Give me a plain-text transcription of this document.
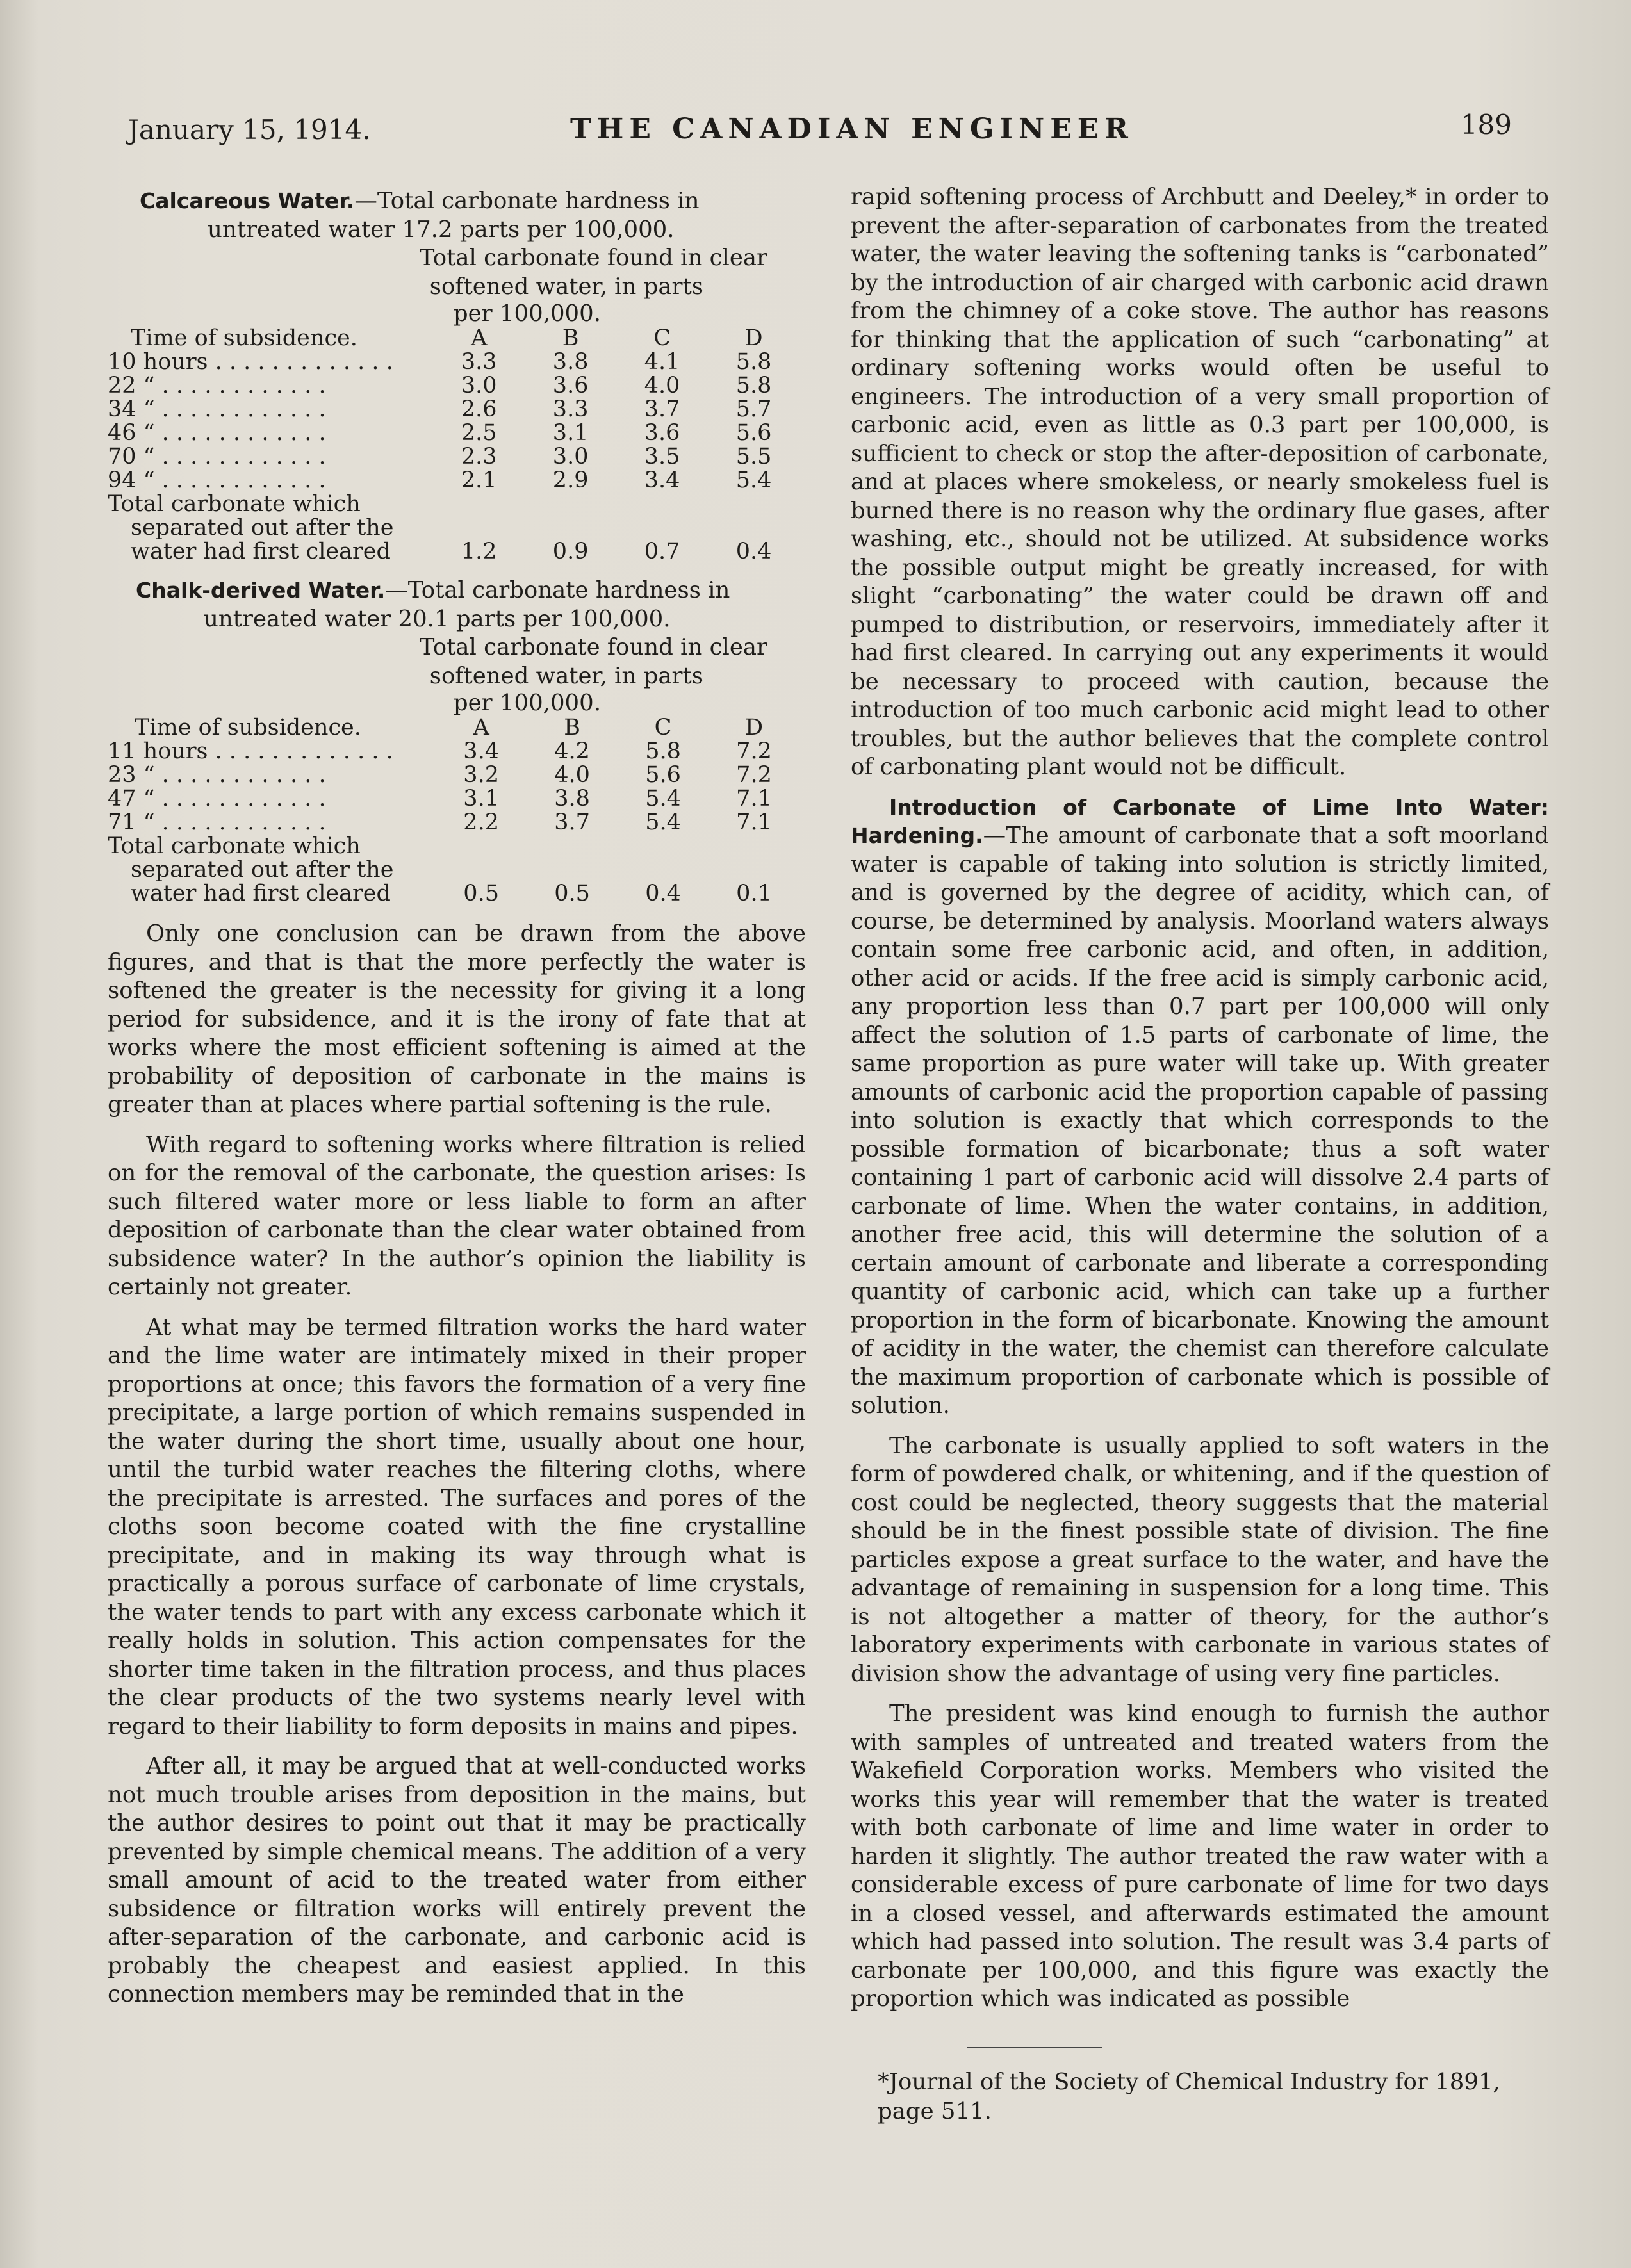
January 15, 1914.	THE CANADIAN ENGINEER	189
Calcareous Water.—Total carbonate hardness in
untreated water 17.2 parts per 100,000.
Total carbonate found in clear
softened water, in parts
per 100,000.
Time of subsidence.	A	B	C	D
10 hours . . . . . . . . . . . . .	3.3	3.8	4.1	5.8
22 “ . . . . . . . . . . . .	3.0	3.6	4.0	5.8
34 “ . . . . . . . . . . . .	2.6	3.3	3.7	5.7
46 “ . . . . . . . . . . . .	2.5	3.1	3.6	5.6
70 “ . . . . . . . . . . . .	2.3	3.0	3.5	5.5
94 “ . . . . . . . . . . . .	2.1	2.9	3.4	5.4
Total carbonate which				
separated out after the				
water had first cleared	1.2	0.9	0.7	0.4
Chalk-derived Water.—Total carbonate hardness in
untreated water 20.1 parts per 100,000.
Total carbonate found in clear
softened water, in parts
per 100,000.
Time of subsidence.	A	B	C	D
11 hours . . . . . . . . . . . . .	3.4	4.2	5.8	7.2
23 “ . . . . . . . . . . . .	3.2	4.0	5.6	7.2
47 “ . . . . . . . . . . . .	3.1	3.8	5.4	7.1
71 “ . . . . . . . . . . . .	2.2	3.7	5.4	7.1
Total carbonate which				
separated out after the				
water had first cleared	0.5	0.5	0.4	0.1

Only one conclusion can be drawn from the above figures, and that is that the more perfectly the water is softened the greater is the necessity for giving it a long period for subsidence, and it is the irony of fate that at works where the most efficient softening is aimed at the probability of deposition of carbonate in the mains is greater than at places where partial softening is the rule.

With regard to softening works where filtration is relied on for the removal of the carbonate, the question arises: Is such filtered water more or less liable to form an after deposition of carbonate than the clear water obtained from subsidence water? In the author’s opinion the liability is certainly not greater.

At what may be termed filtration works the hard water and the lime water are intimately mixed in their proper proportions at once; this favors the formation of a very fine precipitate, a large portion of which remains suspended in the water during the short time, usually about one hour, until the turbid water reaches the filtering cloths, where the precipitate is arrested. The surfaces and pores of the cloths soon become coated with the fine crystalline precipitate, and in making its way through what is practically a porous surface of carbonate of lime crystals, the water tends to part with any excess carbonate which it really holds in solution. This action compensates for the shorter time taken in the filtration process, and thus places the clear products of the two systems nearly level with regard to their liability to form deposits in mains and pipes.

After all, it may be argued that at well-conducted works not much trouble arises from deposition in the mains, but the author desires to point out that it may be practically prevented by simple chemical means. The addition of a very small amount of acid to the treated water from either subsidence or filtration works will entirely prevent the after-separation of the carbonate, and carbonic acid is probably the cheapest and easiest applied. In this connection members may be reminded that in the

rapid softening process of Archbutt and Deeley,* in order to prevent the after-separation of carbonates from the treated water, the water leaving the softening tanks is “carbonated” by the introduction of air charged with carbonic acid drawn from the chimney of a coke stove. The author has reasons for thinking that the application of such “carbonating” at ordinary softening works would often be useful to engineers. The introduction of a very small proportion of carbonic acid, even as little as 0.3 part per 100,000, is sufficient to check or stop the after-deposition of carbonate, and at places where smokeless, or nearly smokeless fuel is burned there is no reason why the ordinary flue gases, after washing, etc., should not be utilized. At subsidence works the possible output might be greatly increased, for with slight “carbonating” the water could be drawn off and pumped to distribution, or reservoirs, immediately after it had first cleared. In carrying out any experiments it would be necessary to proceed with caution, because the introduction of too much carbonic acid might lead to other troubles, but the author believes that the complete control of carbonating plant would not be difficult.

Introduction of Carbonate of Lime Into Water: Hardening.—The amount of carbonate that a soft moorland water is capable of taking into solution is strictly limited, and is governed by the degree of acidity, which can, of course, be determined by analysis. Moorland waters always contain some free carbonic acid, and often, in addition, other acid or acids. If the free acid is simply carbonic acid, any proportion less than 0.7 part per 100,000 will only affect the solution of 1.5 parts of carbonate of lime, the same proportion as pure water will take up. With greater amounts of carbonic acid the proportion capable of passing into solution is exactly that which corresponds to the possible formation of bicarbonate; thus a soft water containing 1 part of carbonic acid will dissolve 2.4 parts of carbonate of lime. When the water contains, in addition, another free acid, this will determine the solution of a certain amount of carbonate and liberate a corresponding quantity of carbonic acid, which can take up a further proportion in the form of bicarbonate. Knowing the amount of acidity in the water, the chemist can therefore calculate the maximum proportion of carbonate which is possible of solution.

The carbonate is usually applied to soft waters in the form of powdered chalk, or whitening, and if the question of cost could be neglected, theory suggests that the material should be in the finest possible state of division. The fine particles expose a great surface to the water, and have the advantage of remaining in suspension for a long time. This is not altogether a matter of theory, for the author’s laboratory experiments with carbonate in various states of division show the advantage of using very fine particles.

The president was kind enough to furnish the author with samples of untreated and treated waters from the Wakefield Corporation works. Members who visited the works this year will remember that the water is treated with both carbonate of lime and lime water in order to harden it slightly. The author treated the raw water with a considerable excess of pure carbonate of lime for two days in a closed vessel, and afterwards estimated the amount which had passed into solution. The result was 3.4 parts of carbonate per 100,000, and this figure was exactly the proportion which was indicated as possible

*Journal of the Society of Chemical Industry for 1891, page 511.
